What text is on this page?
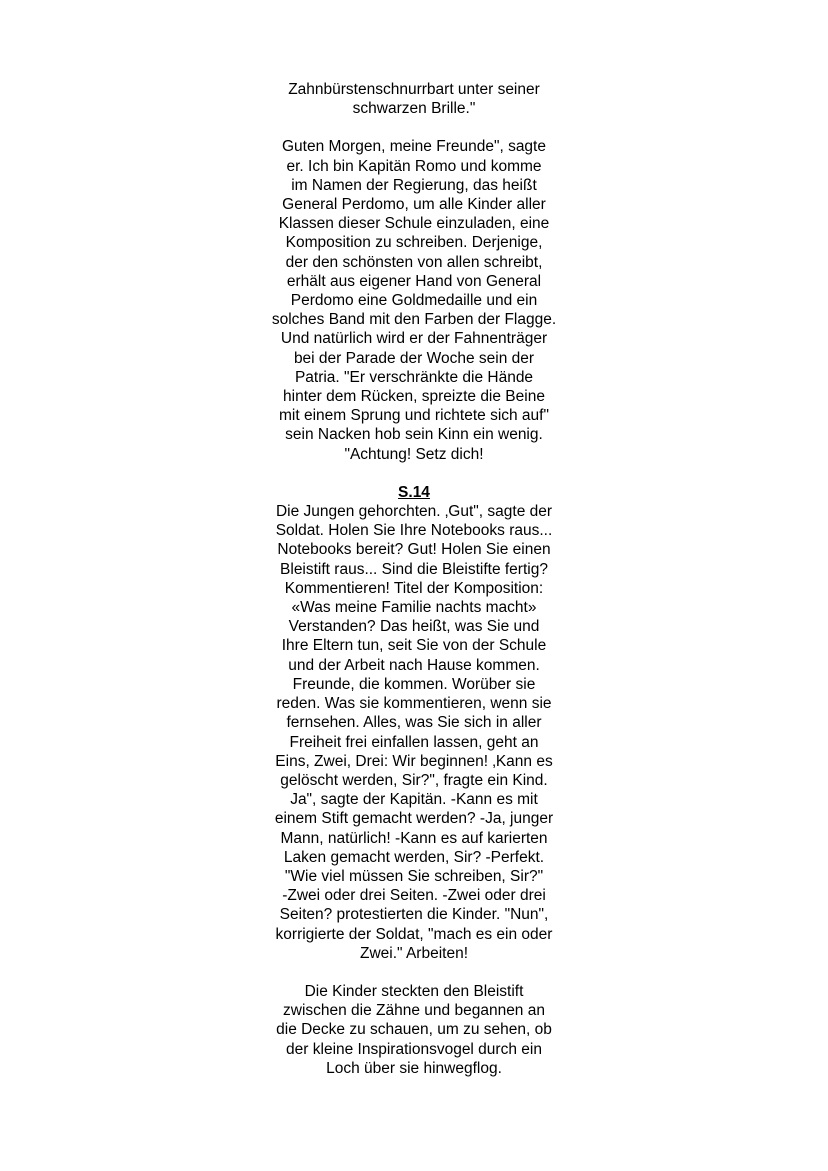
Zahnbürstenschnurrbart unter seiner
schwarzen Brille."
Guten Morgen, meine Freunde", sagte
er. Ich bin Kapitän Romo und komme
im Namen der Regierung, das heißt
General Perdomo, um alle Kinder aller
Klassen dieser Schule einzuladen, eine
Komposition zu schreiben. Derjenige,
der den schönsten von allen schreibt,
erhält aus eigener Hand von General
Perdomo eine Goldmedaille und ein
solches Band mit den Farben der Flagge.
Und natürlich wird er der Fahnenträger
bei der Parade der Woche sein der
Patria. "Er verschränkte die Hände
hinter dem Rücken, spreizte die Beine
mit einem Sprung und richtete sich auf"
sein Nacken hob sein Kinn ein wenig.
"Achtung! Setz dich!
S.14
Die Jungen gehorchten. ‚Gut", sagte der
Soldat. Holen Sie Ihre Notebooks raus...
Notebooks bereit? Gut! Holen Sie einen
Bleistift raus... Sind die Bleistifte fertig?
Kommentieren! Titel der Komposition:
«Was meine Familie nachts macht»
Verstanden? Das heißt, was Sie und
Ihre Eltern tun, seit Sie von der Schule
und der Arbeit nach Hause kommen.
Freunde, die kommen. Worüber sie
reden. Was sie kommentieren, wenn sie
fernsehen. Alles, was Sie sich in aller
Freiheit frei einfallen lassen, geht an
Eins, Zwei, Drei: Wir beginnen! ‚Kann es
gelöscht werden, Sir?", fragte ein Kind.
Ja", sagte der Kapitän. -Kann es mit
einem Stift gemacht werden? -Ja, junger
Mann, natürlich! -Kann es auf karierten
Laken gemacht werden, Sir? -Perfekt.
"Wie viel müssen Sie schreiben, Sir?"
-Zwei oder drei Seiten. -Zwei oder drei
Seiten? protestierten die Kinder. "Nun",
korrigierte der Soldat, "mach es ein oder
Zwei." Arbeiten!
Die Kinder steckten den Bleistift
zwischen die Zähne und begannen an
die Decke zu schauen, um zu sehen, ob
der kleine Inspirationsvogel durch ein
Loch über sie hinwegflog.
